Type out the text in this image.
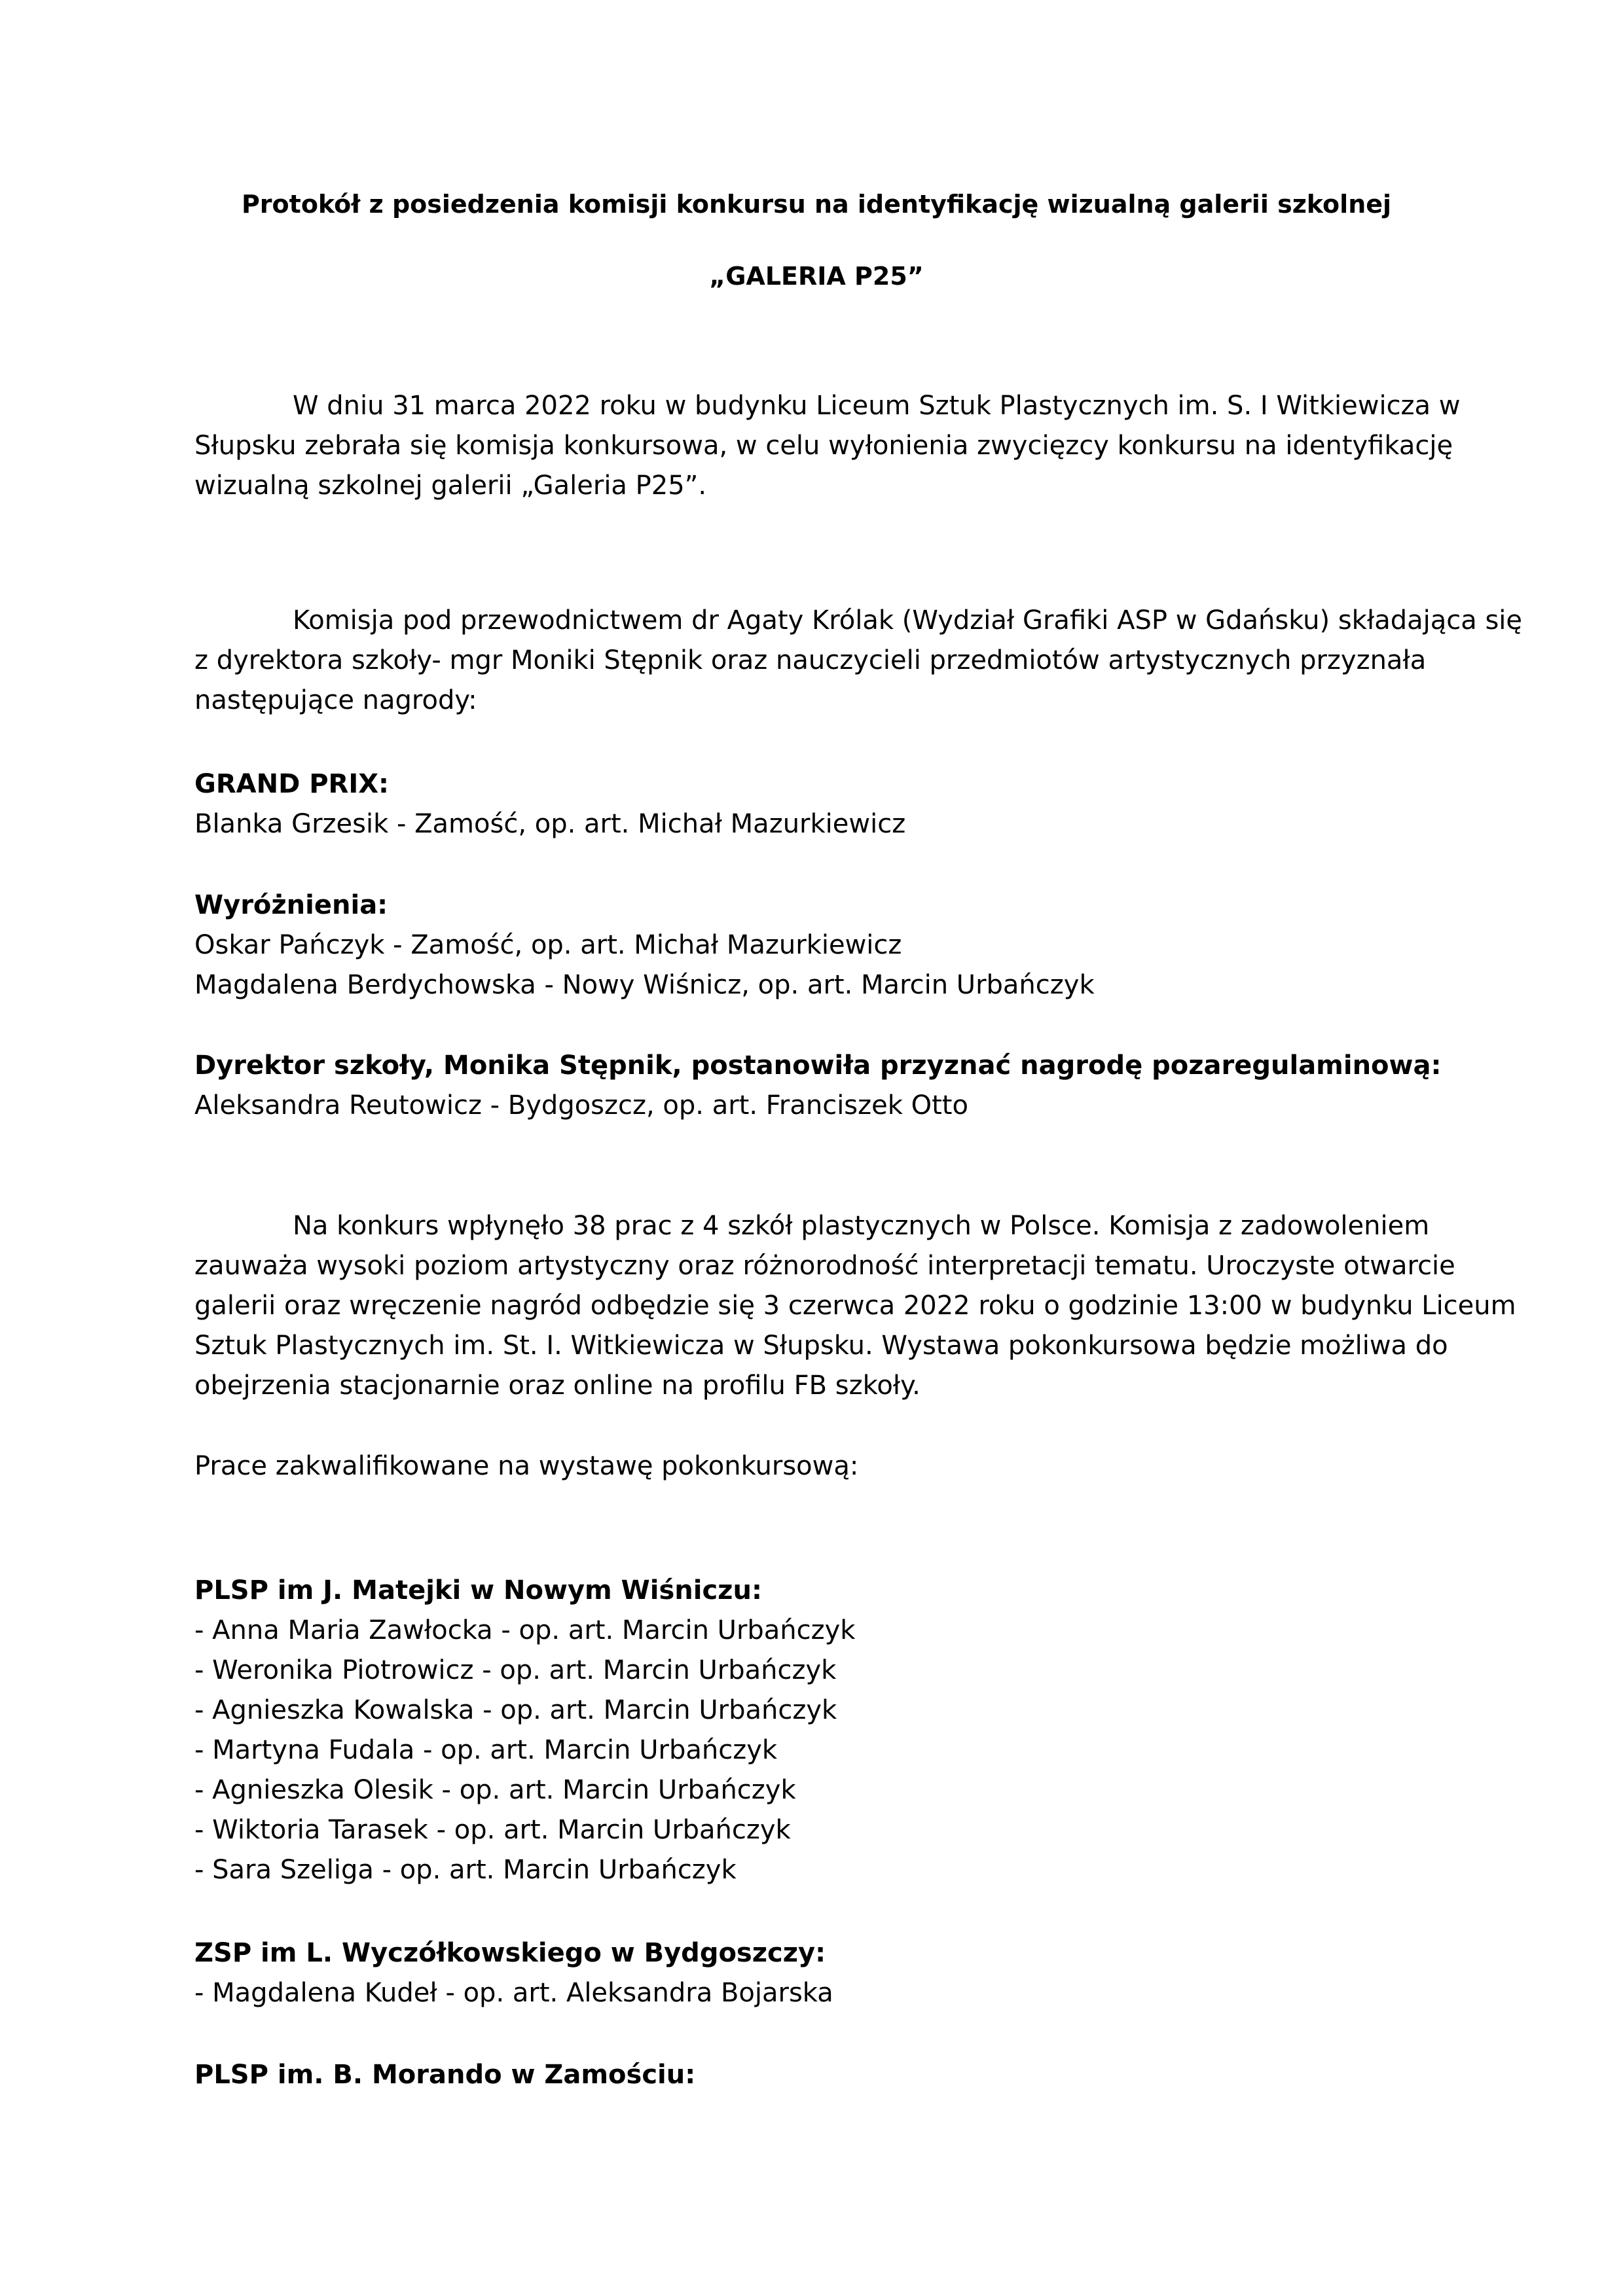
Protokół z posiedzenia komisji konkursu na identyfikację wizualną galerii szkolnej
„GALERIA P25”
W dniu 31 marca 2022 roku w budynku Liceum Sztuk Plastycznych im. S. I Witkiewicza w
Słupsku zebrała się komisja konkursowa, w celu wyłonienia zwycięzcy konkursu na identyfikację
wizualną szkolnej galerii „Galeria P25”.
Komisja pod przewodnictwem dr Agaty Królak (Wydział Grafiki ASP w Gdańsku) składająca się
z dyrektora szkoły- mgr Moniki Stępnik oraz nauczycieli przedmiotów artystycznych przyznała
następujące nagrody:
GRAND PRIX:
Blanka Grzesik - Zamość, op. art. Michał Mazurkiewicz
Wyróżnienia:
Oskar Pańczyk - Zamość, op. art. Michał Mazurkiewicz
Magdalena Berdychowska - Nowy Wiśnicz, op. art. Marcin Urbańczyk
Dyrektor szkoły, Monika Stępnik, postanowiła przyznać nagrodę pozaregulaminową:
Aleksandra Reutowicz - Bydgoszcz, op. art. Franciszek Otto
Na konkurs wpłynęło 38 prac z 4 szkół plastycznych w Polsce. Komisja z zadowoleniem
zauważa wysoki poziom artystyczny oraz różnorodność interpretacji tematu. Uroczyste otwarcie
galerii oraz wręczenie nagród odbędzie się 3 czerwca 2022 roku o godzinie 13:00 w budynku Liceum
Sztuk Plastycznych im. St. I. Witkiewicza w Słupsku. Wystawa pokonkursowa będzie możliwa do
obejrzenia stacjonarnie oraz online na profilu FB szkoły.
Prace zakwalifikowane na wystawę pokonkursową:
PLSP im J. Matejki w Nowym Wiśniczu:
- Anna Maria Zawłocka - op. art. Marcin Urbańczyk
- Weronika Piotrowicz - op. art. Marcin Urbańczyk
- Agnieszka Kowalska - op. art. Marcin Urbańczyk
- Martyna Fudala - op. art. Marcin Urbańczyk
- Agnieszka Olesik - op. art. Marcin Urbańczyk
- Wiktoria Tarasek - op. art. Marcin Urbańczyk
- Sara Szeliga - op. art. Marcin Urbańczyk
ZSP im L. Wyczółkowskiego w Bydgoszczy:
- Magdalena Kudeł - op. art. Aleksandra Bojarska
PLSP im. B. Morando w Zamościu:
